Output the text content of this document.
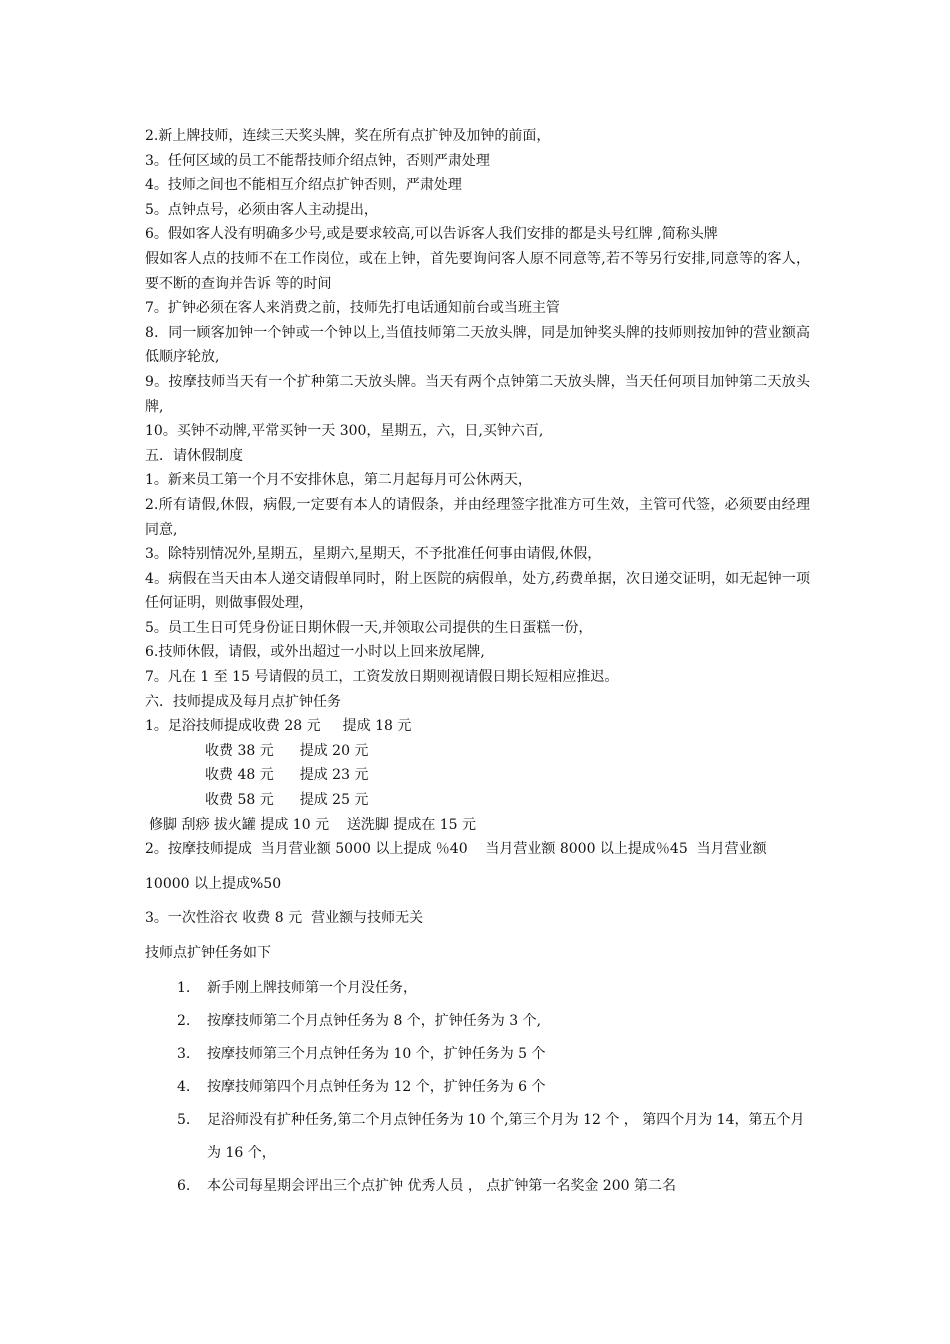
2.新上牌技师，连续三天奖头牌，奖在所有点扩钟及加钟的前面，
3。任何区域的员工不能帮技师介绍点钟，否则严肃处理
4。技师之间也不能相互介绍点扩钟否则，严肃处理
5。点钟点号，必须由客人主动提出，
6。假如客人没有明确多少号,或是要求较高,可以告诉客人我们安排的都是头号红牌 ,简称头牌
假如客人点的技师不在工作岗位，或在上钟，首先要询问客人原不同意等,若不等另行安排,同意等的客人，要不断的查询并告诉 等的时间
7。扩钟必须在客人来消费之前，技师先打电话通知前台或当班主管
8．同一顾客加钟一个钟或一个钟以上,当值技师第二天放头牌，同是加钟奖头牌的技师则按加钟的营业额高低顺序轮放,
9。按摩技师当天有一个扩种第二天放头牌。当天有两个点钟第二天放头牌，当天任何项目加钟第二天放头牌,
10。买钟不动牌,平常买钟一天 300，星期五，六，日,买钟六百,
五．请休假制度
1。新来员工第一个月不安排休息，第二月起每月可公休两天，
2.所有请假,休假，病假,一定要有本人的请假条，并由经理签字批准方可生效，主管可代签，必须要由经理同意,
3。除特别情况外,星期五，星期六,星期天，不予批准任何事由请假,休假，
4。病假在当天由本人递交请假单同时，附上医院的病假单，处方,药费单据，次日递交证明，如无起钟一项任何证明，则做事假处理，
5。员工生日可凭身份证日期休假一天,并领取公司提供的生日蛋糕一份，
6.技师休假，请假，或外出超过一小时以上回来放尾牌,
7。凡在 1 至 15 号请假的员工，工资发放日期则视请假日期长短相应推迟。
六．技师提成及每月点扩钟任务
1。足浴技师提成收费 28 元 提成 18 元
收费 38 元 提成 20 元
收费 48 元 提成 23 元
收费 58 元 提成 25 元
修脚 刮痧 拔火罐 提成 10 元    送洗脚 提成在 15 元
2。按摩技师提成  当月营业额 5000 以上提成 ％40    当月营业额 8000 以上提成％45  当月营业额
10000 以上提成%50
3。一次性浴衣 收费 8 元  营业额与技师无关
技师点扩钟任务如下
1. 新手刚上牌技师第一个月没任务，
2. 按摩技师第二个月点钟任务为 8 个，扩钟任务为 3 个,
3. 按摩技师第三个月点钟任务为 10 个，扩钟任务为 5 个
4. 按摩技师第四个月点钟任务为 12 个，扩钟任务为 6 个
5. 足浴师没有扩种任务,第二个月点钟任务为 10 个,第三个月为 12 个 ， 第四个月为 14，第五个月为 16 个，
6. 本公司每星期会评出三个点扩钟 优秀人员 ， 点扩钟第一名奖金 200 第二名
